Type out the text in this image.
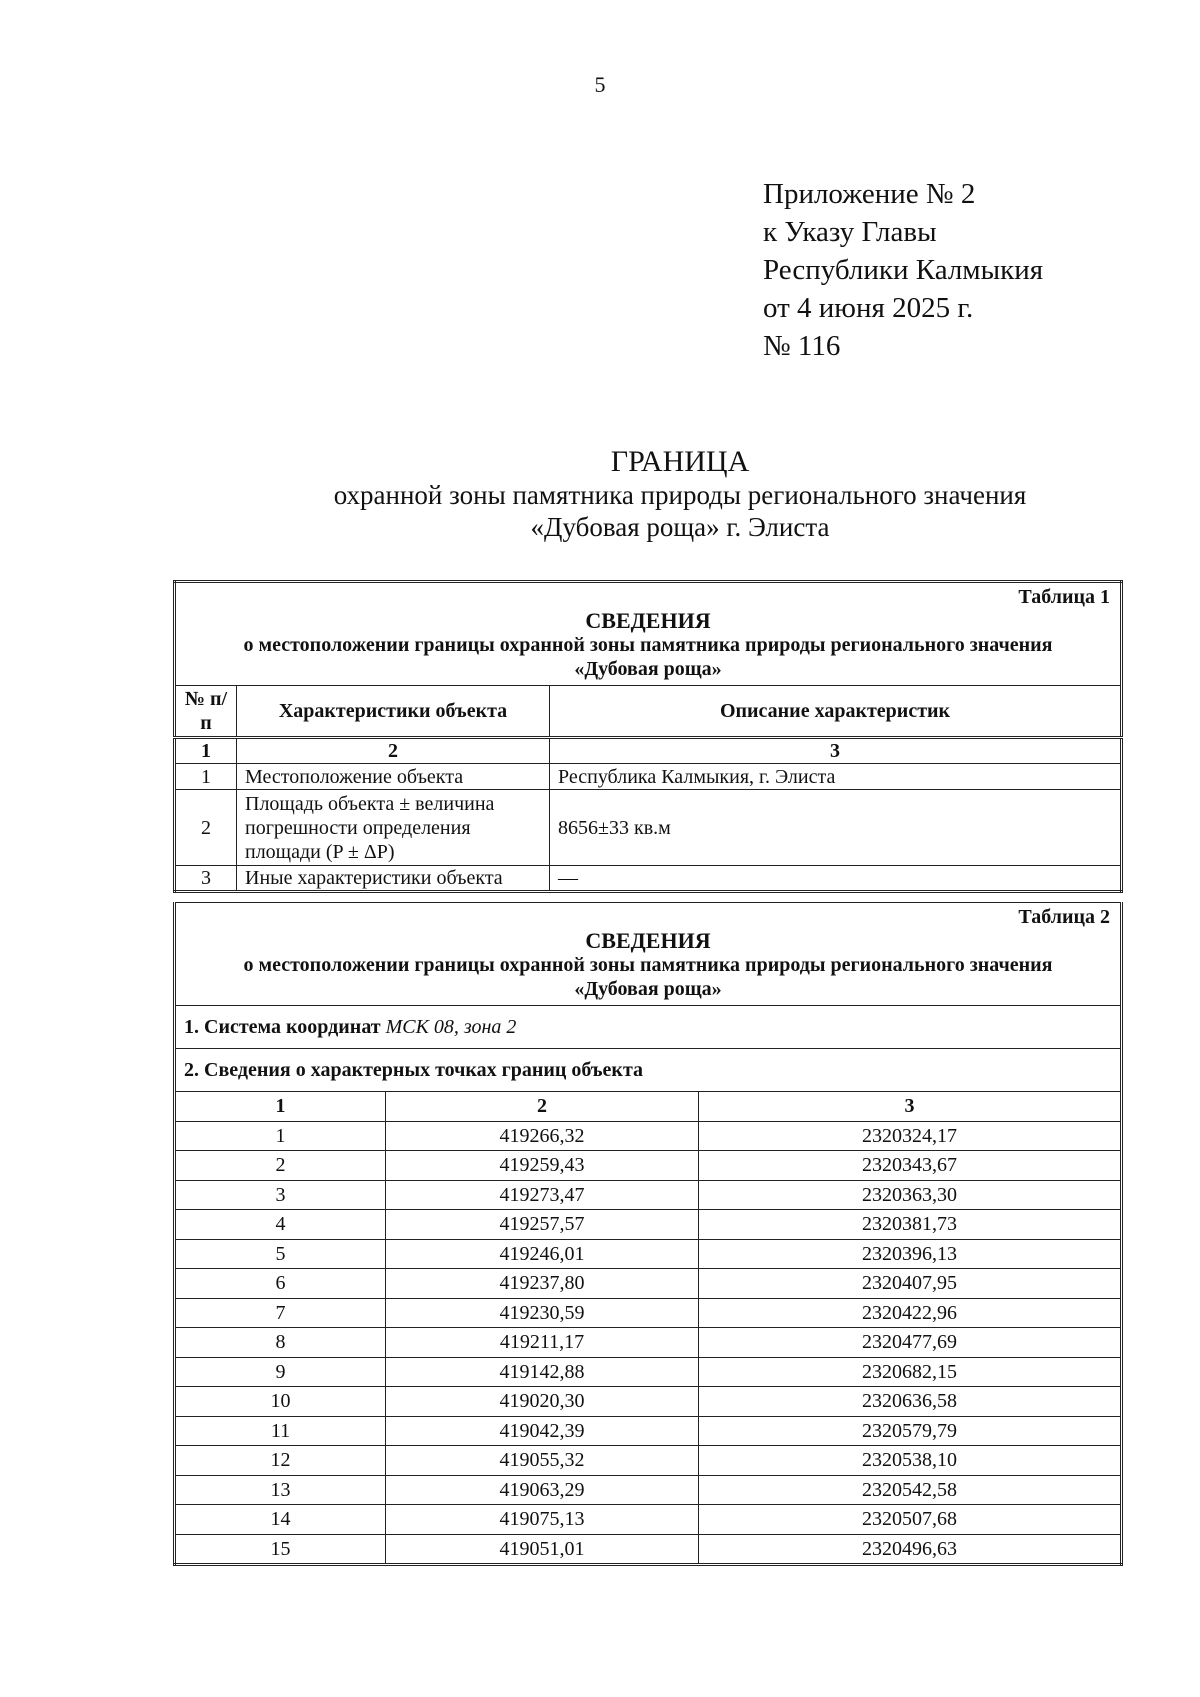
5
Приложение № 2
к Указу Главы
Республики Калмыкия
от 4 июня 2025 г.
№ 116
ГРАНИЦА
охранной зоны памятника природы регионального значения
«Дубовая роща» г. Элиста
Таблица 1
СВЕДЕНИЯ
о местоположении границы охранной зоны памятника природы регионального значения
«Дубовая роща»		

№ п/п	Характеристики объекта	Описание характеристик
1	2	3
1	Местоположение объекта	Республика Калмыкия, г. Элиста
2	Площадь объекта ± величина погрешности определения площади (P ± ΔP)	8656±33 кв.м
3	Иные характеристики объекта	—
Таблица 2
СВЕДЕНИЯ
о местоположении границы охранной зоны памятника природы регионального значения
«Дубовая роща»		

1. Система координат МСК 08, зона 2		
2. Сведения о характерных точках границ объекта		
1	2	3
1	419266,32	2320324,17
2	419259,43	2320343,67
3	419273,47	2320363,30
4	419257,57	2320381,73
5	419246,01	2320396,13
6	419237,80	2320407,95
7	419230,59	2320422,96
8	419211,17	2320477,69
9	419142,88	2320682,15
10	419020,30	2320636,58
11	419042,39	2320579,79
12	419055,32	2320538,10
13	419063,29	2320542,58
14	419075,13	2320507,68
15	419051,01	2320496,63
